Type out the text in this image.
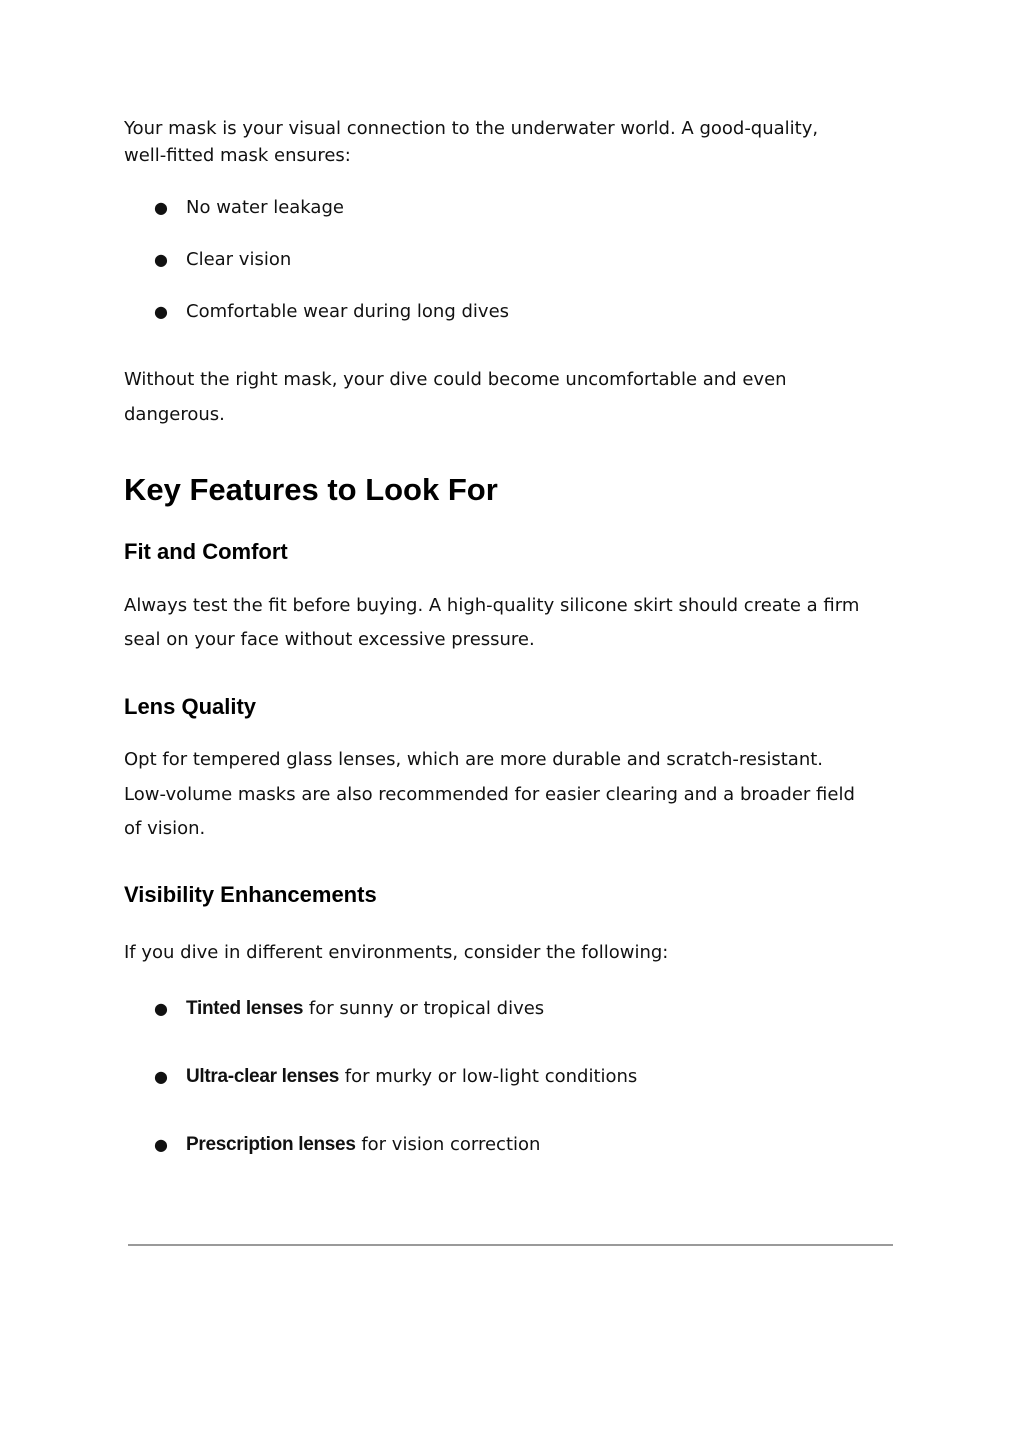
Your mask is your visual connection to the underwater world. A good-quality,

well-fitted mask ensures:

● No water leakage
● Clear vision
● Comfortable wear during long dives

Without the right mask, your dive could become uncomfortable and even

dangerous.

Key Features to Look For
Fit and Comfort

Always test the fit before buying. A high-quality silicone skirt should create a firm

seal on your face without excessive pressure.

Lens Quality

Opt for tempered glass lenses, which are more durable and scratch-resistant.

Low-volume masks are also recommended for easier clearing and a broader field

of vision.

Visibility Enhancements

If you dive in different environments, consider the following:

● Tinted lenses for sunny or tropical dives
● Ultra-clear lenses for murky or low-light conditions
● Prescription lenses for vision correction
